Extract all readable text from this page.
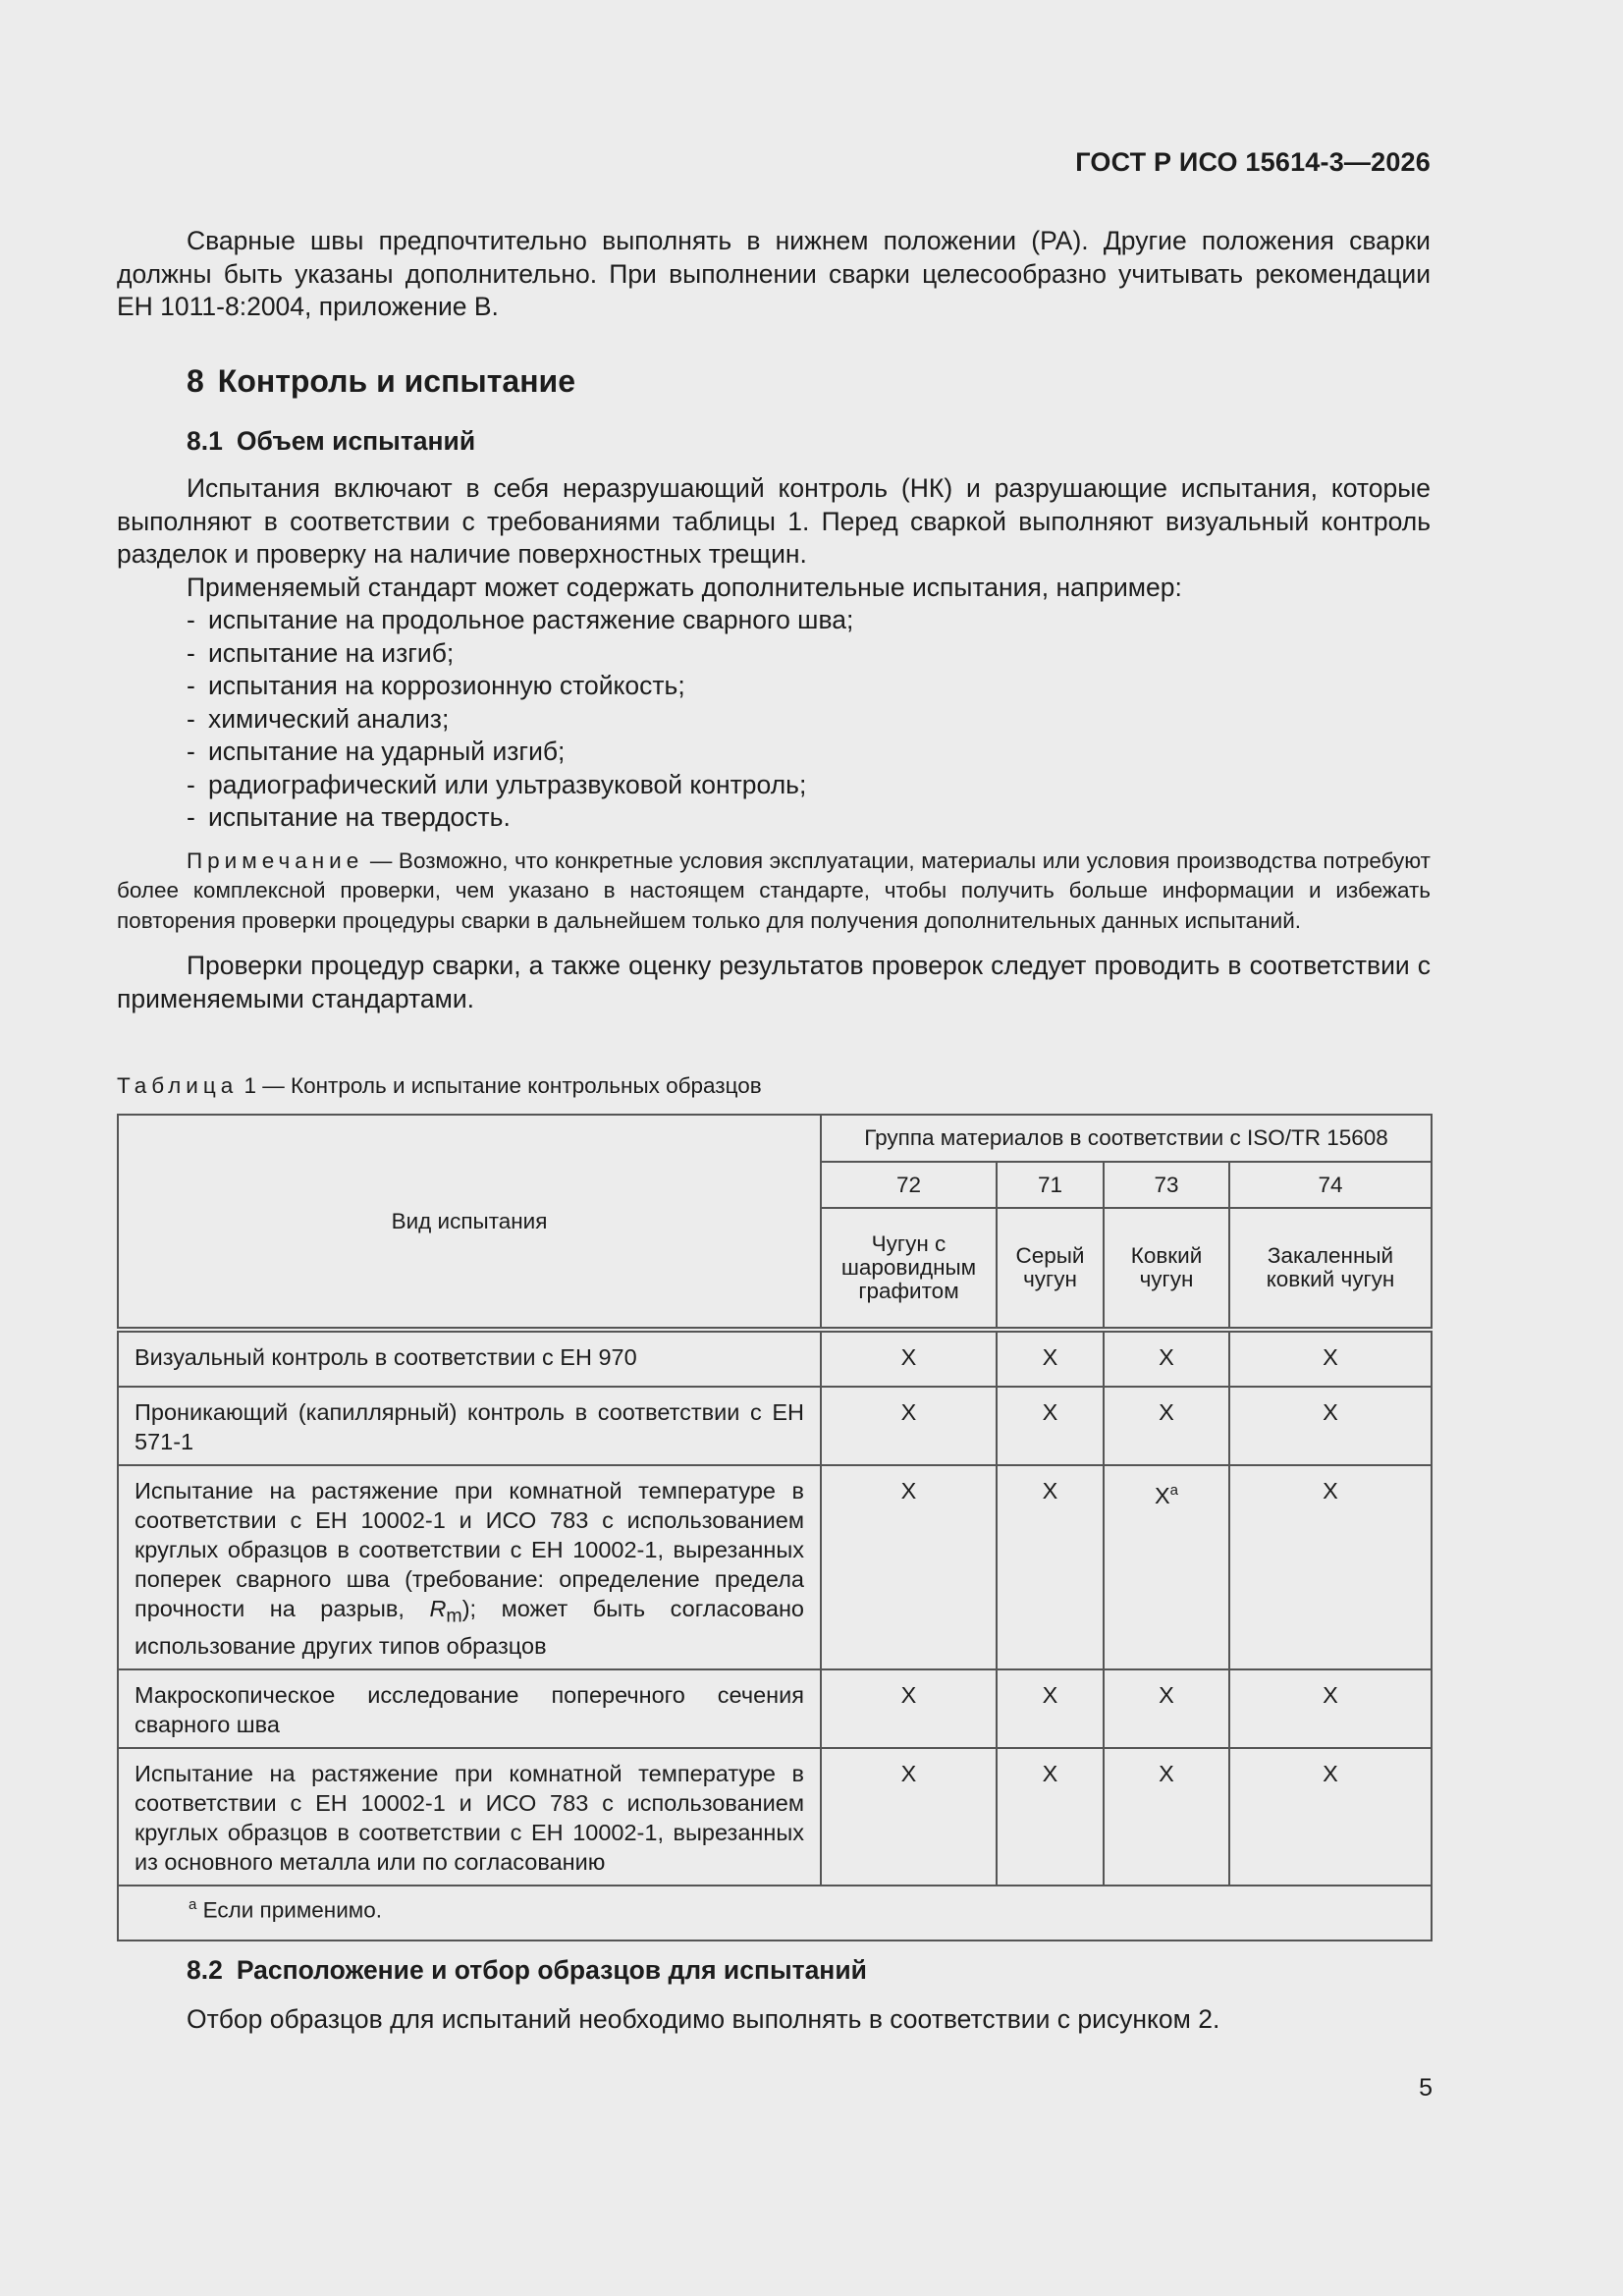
ГОСТ Р ИСО 15614-3—2026

Сварные швы предпочтительно выполнять в нижнем положении (PA). Другие положения сварки должны быть указаны дополнительно. При выполнении сварки целесообразно учитывать рекомендации ЕН 1011-8:2004, приложение В.

8 Контроль и испытание
8.1 Объем испытаний

Испытания включают в себя неразрушающий контроль (НК) и разрушающие испытания, которые выполняют в соответствии с требованиями таблицы 1. Перед сваркой выполняют визуальный контроль разделок и проверку на наличие поверхностных трещин.

Применяемый стандарт может содержать дополнительные испытания, например:

- испытание на продольное растяжение сварного шва;
- испытание на изгиб;
- испытания на коррозионную стойкость;
- химический анализ;
- испытание на ударный изгиб;
- радиографический или ультразвуковой контроль;
- испытание на твердость.

Примечание — Возможно, что конкретные условия эксплуатации, материалы или условия производства потребуют более комплексной проверки, чем указано в настоящем стандарте, чтобы получить больше информации и избежать повторения проверки процедуры сварки в дальнейшем только для получения дополнительных данных испытаний.

Проверки процедур сварки, а также оценку результатов проверок следует проводить в соответствии с применяемыми стандартами.

Таблица 1 — Контроль и испытание контрольных образцов
Вид испытания	Группа материалов в соответствии с ISO/TR 15608			
	72	71	73	74
	Чугун с шаровидным графитом	Серый чугун	Ковкий чугун	Закаленный ковкий чугун
Визуальный контроль в соответствии с ЕН 970	X	X	X	X
Проникающий (капиллярный) контроль в соответствии с ЕН 571-1	X	X	X	X
Испытание на растяжение при комнатной температуре в соответствии с ЕН 10002-1 и ИСО 783 с использованием круглых образцов в соответствии с ЕН 10002-1, вырезанных поперек сварного шва (требование: определение предела прочности на разрыв, $R_m$); может быть согласовано использование других типов образцов	X	X	$X^a$	X
Макроскопическое исследование поперечного сечения сварного шва	X	X	X	X
Испытание на растяжение при комнатной температуре в соответствии с ЕН 10002-1 и ИСО 783 с использованием круглых образцов в соответствии с ЕН 10002-1, вырезанных из основного металла или по согласованию	X	X	X	X
$^a$ Если применимо.				
8.2 Расположение и отбор образцов для испытаний

Отбор образцов для испытаний необходимо выполнять в соответствии с рисунком 2.

5
